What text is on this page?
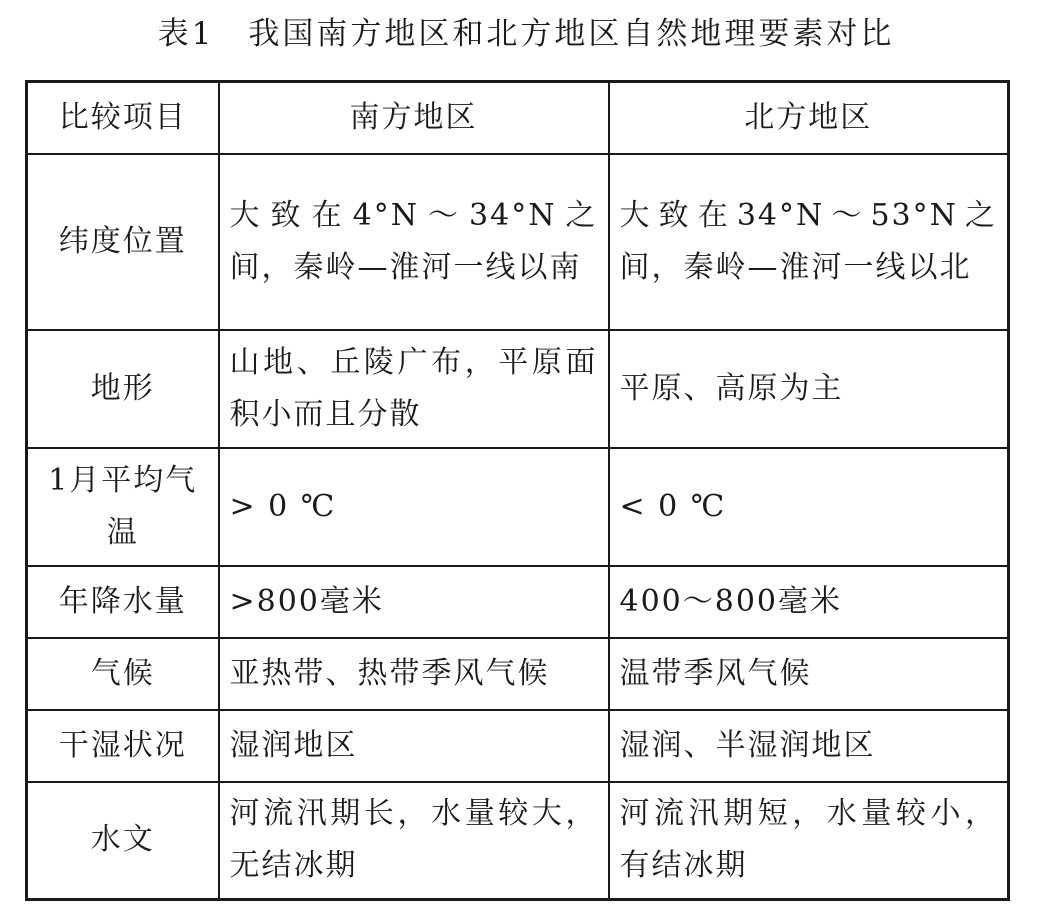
表1 我国南方地区和北方地区自然地理要素对比
比较项目	南方地区	北方地区
纬度位置	大致在4°N～34°N之间，秦岭—淮河一线以南	大致在34°N～53°N之间，秦岭—淮河一线以北
地形	山地、丘陵广布，平原面积小而且分散	平原、高原为主
1月平均气温	> 0 ℃	< 0 ℃
年降水量	>800毫米	400～800毫米
气候	亚热带、热带季风气候	温带季风气候
干湿状况	湿润地区	湿润、半湿润地区
水文	河流汛期长，水量较大，无结冰期	河流汛期短，水量较小，有结冰期
